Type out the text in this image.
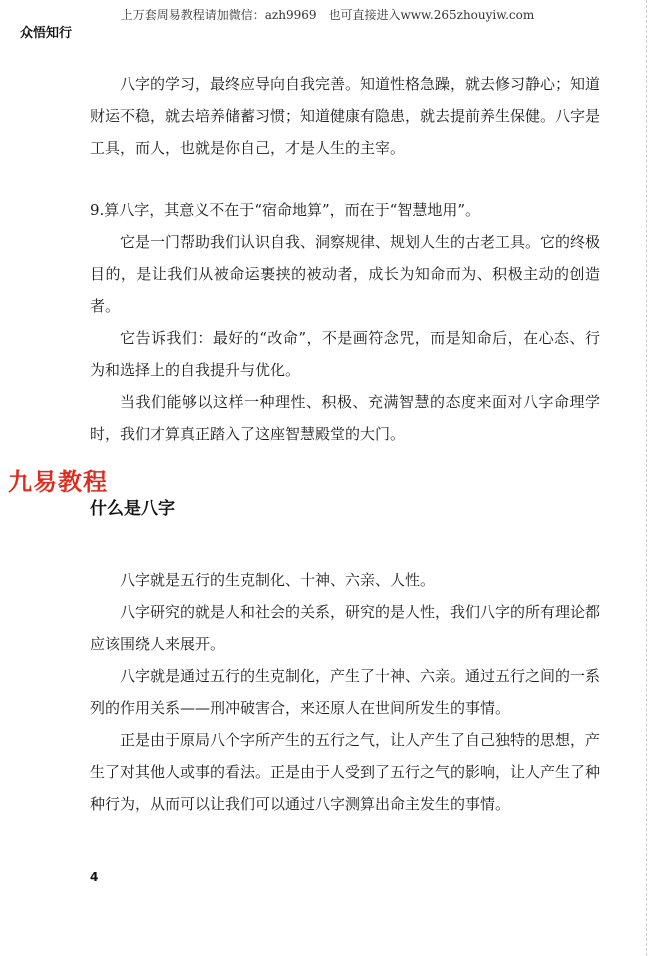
上万套周易教程请加微信：azh9969　也可直接进入www.265zhouyiw.com
众悟知行

八字的学习，最终应导向自我完善。知道性格急躁，就去修习静心；知道财运不稳，就去培养储蓄习惯；知道健康有隐患，就去提前养生保健。八字是工具，而人，也就是你自己，才是人生的主宰。

9.算八字，其意义不在于“宿命地算”，而在于“智慧地用”。

它是一门帮助我们认识自我、洞察规律、规划人生的古老工具。它的终极目的，是让我们从被命运裹挟的被动者，成长为知命而为、积极主动的创造者。

它告诉我们：最好的“改命”，不是画符念咒，而是知命后，在心态、行为和选择上的自我提升与优化。

当我们能够以这样一种理性、积极、充满智慧的态度来面对八字命理学时，我们才算真正踏入了这座智慧殿堂的大门。

九易教程
什么是八字

八字就是五行的生克制化、十神、六亲、人性。

八字研究的就是人和社会的关系，研究的是人性，我们八字的所有理论都应该围绕人来展开。

八字就是通过五行的生克制化，产生了十神、六亲。通过五行之间的一系列的作用关系——刑冲破害合，来还原人在世间所发生的事情。

正是由于原局八个字所产生的五行之气，让人产生了自己独特的思想，产生了对其他人或事的看法。正是由于人受到了五行之气的影响，让人产生了种种行为，从而可以让我们可以通过八字测算出命主发生的事情。

4
